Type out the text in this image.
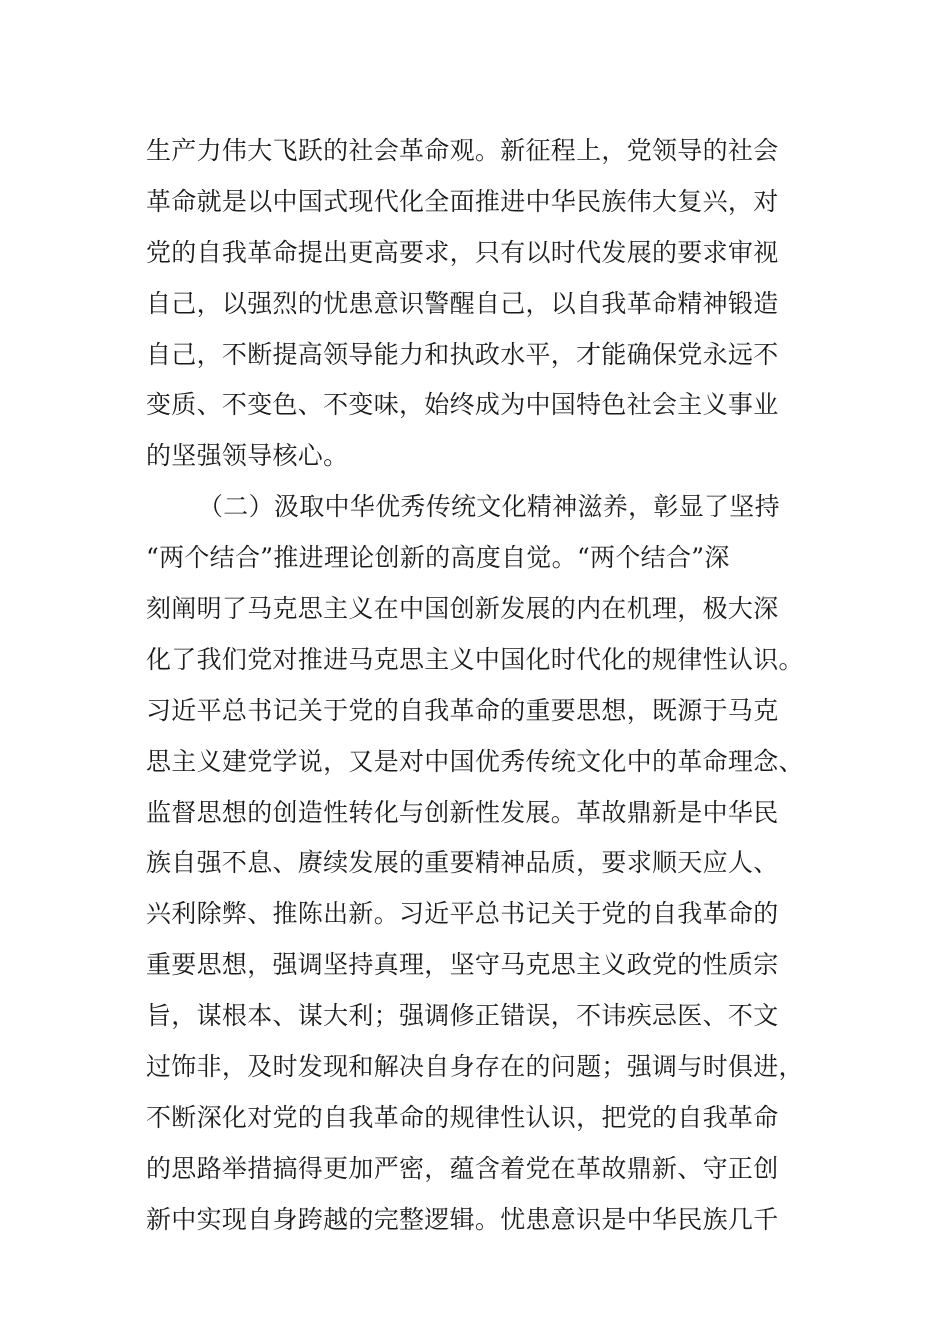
生产力伟大飞跃的社会革命观。新征程上，党领导的社会
革命就是以中国式现代化全面推进中华民族伟大复兴，对
党的自我革命提出更高要求，只有以时代发展的要求审视
自己，以强烈的忧患意识警醒自己，以自我革命精神锻造
自己，不断提高领导能力和执政水平，才能确保党永远不
变质、不变色、不变味，始终成为中国特色社会主义事业
的坚强领导核心。
（二）汲取中华优秀传统文化精神滋养，彰显了坚持
“两个结合”推进理论创新的高度自觉。“两个结合”深
刻阐明了马克思主义在中国创新发展的内在机理，极大深
化了我们党对推进马克思主义中国化时代化的规律性认识。
习近平总书记关于党的自我革命的重要思想，既源于马克
思主义建党学说，又是对中国优秀传统文化中的革命理念、
监督思想的创造性转化与创新性发展。革故鼎新是中华民
族自强不息、赓续发展的重要精神品质，要求顺天应人、
兴利除弊、推陈出新。习近平总书记关于党的自我革命的
重要思想，强调坚持真理，坚守马克思主义政党的性质宗
旨，谋根本、谋大利；强调修正错误，不讳疾忌医、不文
过饰非，及时发现和解决自身存在的问题；强调与时俱进，
不断深化对党的自我革命的规律性认识，把党的自我革命
的思路举措搞得更加严密，蕴含着党在革故鼎新、守正创
新中实现自身跨越的完整逻辑。忧患意识是中华民族几千
